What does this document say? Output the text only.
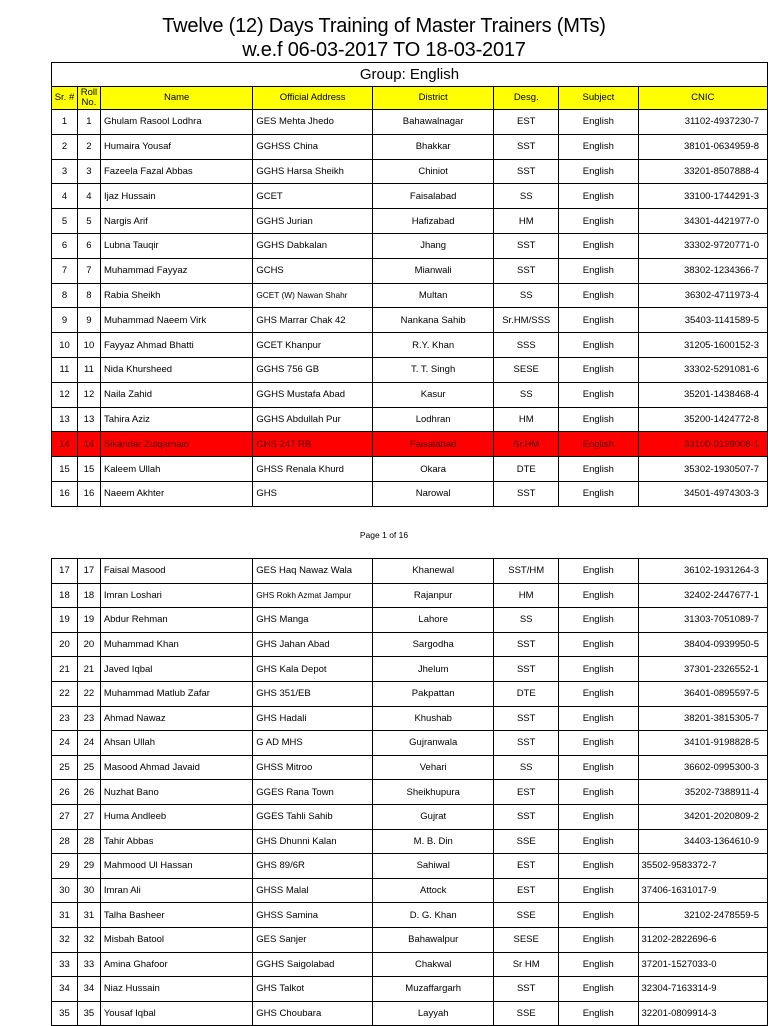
Twelve (12) Days Training of Master Trainers (MTs)
w.e.f 06-03-2017 TO 18-03-2017
Group: English							
Sr. #	Roll No.	Name	Official Address	District	Desg.	Subject	CNIC
1	1	Ghulam Rasool Lodhra	GES Mehta Jhedo	Bahawalnagar	EST	English	31102-4937230-7
2	2	Humaira Yousaf	GGHSS China	Bhakkar	SST	English	38101-0634959-8
3	3	Fazeela Fazal Abbas	GGHS Harsa Sheikh	Chiniot	SST	English	33201-8507888-4
4	4	Ijaz Hussain	GCET	Faisalabad	SS	English	33100-1744291-3
5	5	Nargis Arif	GGHS Jurian	Hafizabad	HM	English	34301-4421977-0
6	6	Lubna Tauqir	GGHS Dabkalan	Jhang	SST	English	33302-9720771-0
7	7	Muhammad Fayyaz	GCHS	Mianwali	SST	English	38302-1234366-7
8	8	Rabia Sheikh	GCET (W) Nawan Shahr	Multan	SS	English	36302-4711973-4
9	9	Muhammad Naeem Virk	GHS Marrar Chak 42	Nankana Sahib	Sr.HM/SSS	English	35403-1141589-5
10	10	Fayyaz Ahmad Bhatti	GCET Khanpur	R.Y. Khan	SSS	English	31205-1600152-3
11	11	Nida Khursheed	GGHS 756 GB	T. T. Singh	SESE	English	33302-5291081-6
12	12	Naila Zahid	GGHS Mustafa Abad	Kasur	SS	English	35201-1438468-4
13	13	Tahira Aziz	GGHS Abdullah Pur	Lodhran	HM	English	35200-1424772-8
14	14	Sikandar Zulqarnain	GHS 247 RB	Faisalabad	Sr.HM	English	33100-0199008-1
15	15	Kaleem Ullah	GHSS Renala Khurd	Okara	DTE	English	35302-1930507-7
16	16	Naeem Akhter	GHS	Narowal	SST	English	34501-4974303-3
Page 1 of 16
17	17	Faisal Masood	GES Haq Nawaz Wala	Khanewal	SST/HM	English	36102-1931264-3
18	18	Imran Loshari	GHS Rokh Azmat Jampur	Rajanpur	HM	English	32402-2447677-1
19	19	Abdur Rehman	GHS Manga	Lahore	SS	English	31303-7051089-7
20	20	Muhammad Khan	GHS Jahan Abad	Sargodha	SST	English	38404-0939950-5
21	21	Javed Iqbal	GHS Kala Depot	Jhelum	SST	English	37301-2326552-1
22	22	Muhammad Matlub Zafar	GHS 351/EB	Pakpattan	DTE	English	36401-0895597-5
23	23	Ahmad Nawaz	GHS Hadali	Khushab	SST	English	38201-3815305-7
24	24	Ahsan Ullah	G AD MHS	Gujranwala	SST	English	34101-9198828-5
25	25	Masood Ahmad Javaid	GHSS Mitroo	Vehari	SS	English	36602-0995300-3
26	26	Nuzhat Bano	GGES Rana Town	Sheikhupura	EST	English	35202-7388911-4
27	27	Huma Andleeb	GGES Tahli Sahib	Gujrat	SST	English	34201-2020809-2
28	28	Tahir Abbas	GHS Dhunni Kalan	M. B. Din	SSE	English	34403-1364610-9
29	29	Mahmood Ul Hassan	GHS 89/6R	Sahiwal	EST	English	35502-9583372-7
30	30	Imran Ali	GHSS Malal	Attock	EST	English	37406-1631017-9
31	31	Talha Basheer	GHSS Samina	D. G. Khan	SSE	English	32102-2478559-5
32	32	Misbah Batool	GES Sanjer	Bahawalpur	SESE	English	31202-2822696-6
33	33	Amina Ghafoor	GGHS Saigolabad	Chakwal	Sr HM	English	37201-1527033-0
34	34	Niaz Hussain	GHS Talkot	Muzaffargarh	SST	English	32304-7163314-9
35	35	Yousaf Iqbal	GHS Choubara	Layyah	SSE	English	32201-0809914-3
